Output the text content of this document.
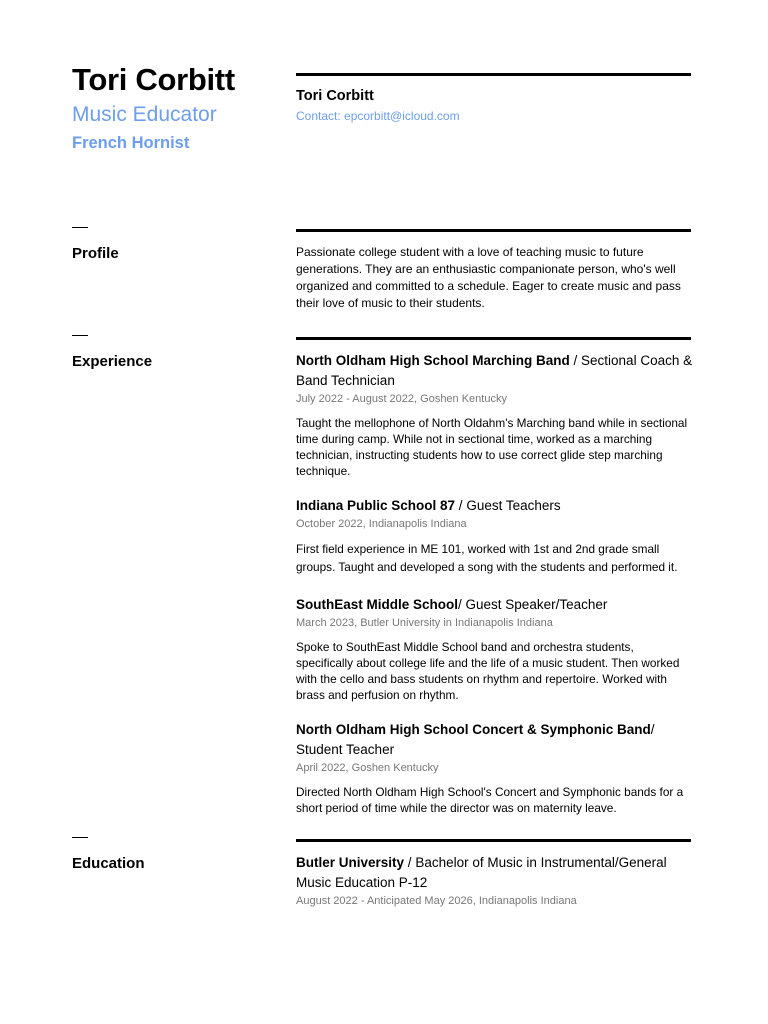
Tori Corbitt
Music Educator
French Hornist
Tori Corbitt
Contact: epcorbitt@icloud.com
Profile	Passionate college student with a love of teaching music to future generations. They are an enthusiastic companionate person, who's well organized and committed to a schedule. Eager to create music and pass their love of music to their students.
Experience	North Oldham High School Marching Band / Sectional Coach & Band Technician
July 2022 - August 2022, Goshen Kentucky
Taught the mellophone of North Oldahm's Marching band while in sectional time during camp. While not in sectional time, worked as a marching technician, instructing students how to use correct glide step marching technique.
Indiana Public School 87 / Guest Teachers
October 2022, Indianapolis Indiana
First field experience in ME 101, worked with 1st and 2nd grade small groups. Taught and developed a song with the students and performed it.
SouthEast Middle School/ Guest Speaker/Teacher
March 2023, Butler University in Indianapolis Indiana
Spoke to SouthEast Middle School band and orchestra students, specifically about college life and the life of a music student. Then worked with the cello and bass students on rhythm and repertoire. Worked with brass and perfusion on rhythm.
North Oldham High School Concert & Symphonic Band/ Student Teacher
April 2022, Goshen Kentucky
Directed North Oldham High School's Concert and Symphonic bands for a short period of time while the director was on maternity leave.
Education	Butler University / Bachelor of Music in Instrumental/General Music Education P-12
August 2022 - Anticipated May 2026, Indianapolis Indiana
